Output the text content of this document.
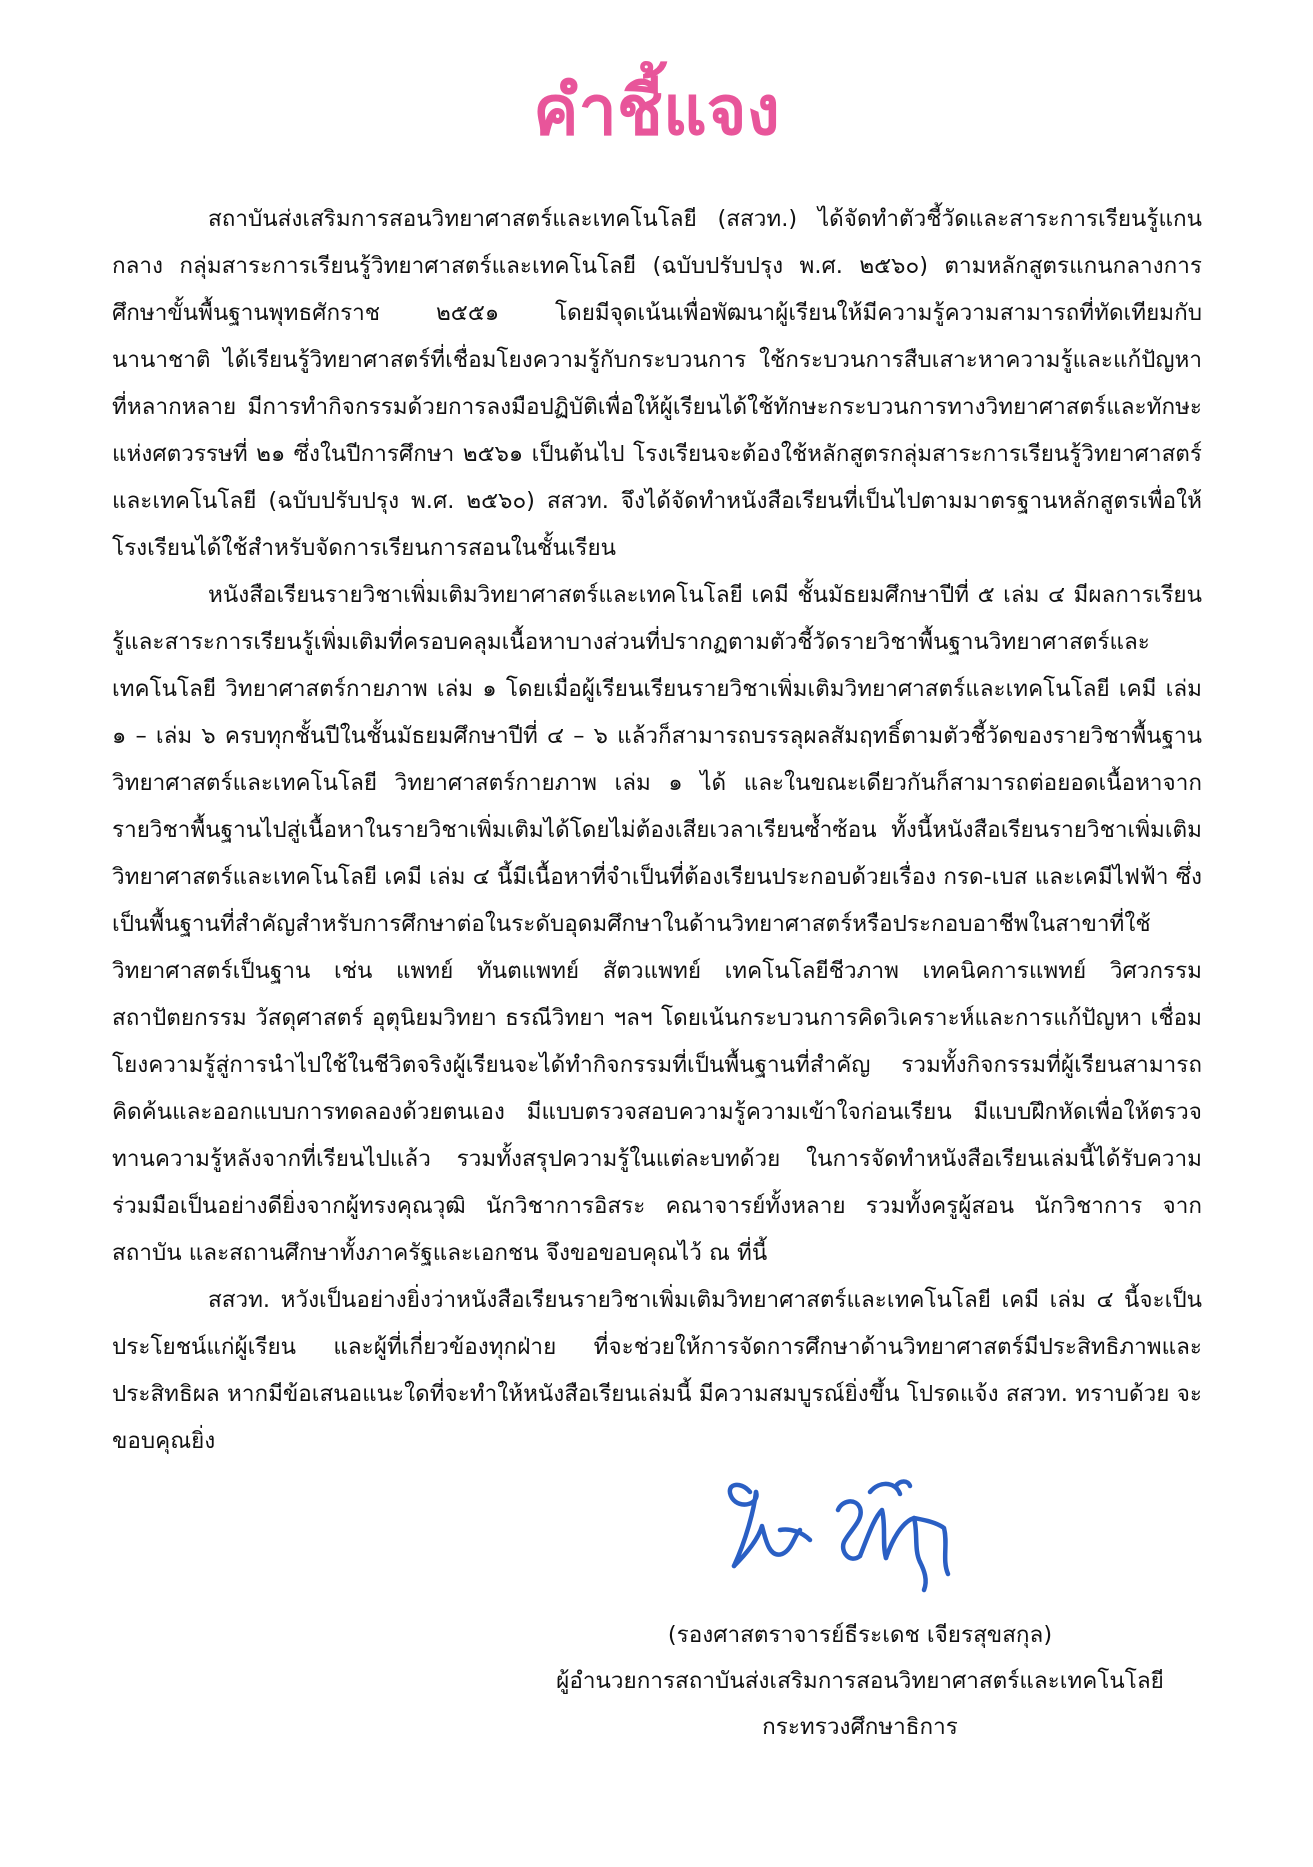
คำชี้แจง

สถาบันส่งเสริมการสอนวิทยาศาสตร์และเทคโนโลยี (สสวท.) ได้จัดทำตัวชี้วัดและสาระการเรียนรู้แกนกลาง กลุ่มสาระการเรียนรู้วิทยาศาสตร์และเทคโนโลยี (ฉบับปรับปรุง พ.ศ. ๒๕๖๐) ตามหลักสูตรแกนกลางการศึกษาขั้นพื้นฐานพุทธศักราช ๒๕๕๑ โดยมีจุดเน้นเพื่อพัฒนาผู้เรียนให้มีความรู้ความสามารถที่ทัดเทียมกับนานาชาติ ได้เรียนรู้วิทยาศาสตร์ที่เชื่อมโยงความรู้กับกระบวนการ ใช้กระบวนการสืบเสาะหาความรู้และแก้ปัญหาที่หลากหลาย มีการทำกิจกรรมด้วยการลงมือปฏิบัติเพื่อให้ผู้เรียนได้ใช้ทักษะกระบวนการทางวิทยาศาสตร์และทักษะแห่งศตวรรษที่ ๒๑ ซึ่งในปีการศึกษา ๒๕๖๑ เป็นต้นไป โรงเรียนจะต้องใช้หลักสูตรกลุ่มสาระการเรียนรู้วิทยาศาสตร์และเทคโนโลยี (ฉบับปรับปรุง พ.ศ. ๒๕๖๐) สสวท. จึงได้จัดทำหนังสือเรียนที่เป็นไปตามมาตรฐานหลักสูตรเพื่อให้โรงเรียนได้ใช้สำหรับจัดการเรียนการสอนในชั้นเรียน

หนังสือเรียนรายวิชาเพิ่มเติมวิทยาศาสตร์และเทคโนโลยี เคมี ชั้นมัธยมศึกษาปีที่ ๕ เล่ม ๔ มีผลการเรียนรู้และสาระการเรียนรู้เพิ่มเติมที่ครอบคลุมเนื้อหาบางส่วนที่ปรากฏตามตัวชี้วัดรายวิชาพื้นฐานวิทยาศาสตร์และเทคโนโลยี วิทยาศาสตร์กายภาพ เล่ม ๑ โดยเมื่อผู้เรียนเรียนรายวิชาเพิ่มเติมวิทยาศาสตร์และเทคโนโลยี เคมี เล่ม ๑ – เล่ม ๖ ครบทุกชั้นปีในชั้นมัธยมศึกษาปีที่ ๔ – ๖ แล้วก็สามารถบรรลุผลสัมฤทธิ์ตามตัวชี้วัดของรายวิชาพื้นฐานวิทยาศาสตร์และเทคโนโลยี วิทยาศาสตร์กายภาพ เล่ม ๑ ได้ และในขณะเดียวกันก็สามารถต่อยอดเนื้อหาจากรายวิชาพื้นฐานไปสู่เนื้อหาในรายวิชาเพิ่มเติมได้โดยไม่ต้องเสียเวลาเรียนซ้ำซ้อน ทั้งนี้หนังสือเรียนรายวิชาเพิ่มเติมวิทยาศาสตร์และเทคโนโลยี เคมี เล่ม ๔ นี้มีเนื้อหาที่จำเป็นที่ต้องเรียนประกอบด้วยเรื่อง กรด-เบส และเคมีไฟฟ้า ซึ่งเป็นพื้นฐานที่สำคัญสำหรับการศึกษาต่อในระดับอุดมศึกษาในด้านวิทยาศาสตร์หรือประกอบอาชีพในสาขาที่ใช้วิทยาศาสตร์เป็นฐาน เช่น แพทย์ ทันตแพทย์ สัตวแพทย์ เทคโนโลยีชีวภาพ เทคนิคการแพทย์ วิศวกรรม สถาปัตยกรรม วัสดุศาสตร์ อุตุนิยมวิทยา ธรณีวิทยา ฯลฯ โดยเน้นกระบวนการคิดวิเคราะห์และการแก้ปัญหา เชื่อมโยงความรู้สู่การนำไปใช้ในชีวิตจริงผู้เรียนจะได้ทำกิจกรรมที่เป็นพื้นฐานที่สำคัญ รวมทั้งกิจกรรมที่ผู้เรียนสามารถคิดค้นและออกแบบการทดลองด้วยตนเอง มีแบบตรวจสอบความรู้ความเข้าใจก่อนเรียน มีแบบฝึกหัดเพื่อให้ตรวจทานความรู้หลังจากที่เรียนไปแล้ว รวมทั้งสรุปความรู้ในแต่ละบทด้วย ในการจัดทำหนังสือเรียนเล่มนี้ได้รับความร่วมมือเป็นอย่างดียิ่งจากผู้ทรงคุณวุฒิ นักวิชาการอิสระ คณาจารย์ทั้งหลาย รวมทั้งครูผู้สอน นักวิชาการ จากสถาบัน และสถานศึกษาทั้งภาครัฐและเอกชน จึงขอขอบคุณไว้ ณ ที่นี้

สสวท. หวังเป็นอย่างยิ่งว่าหนังสือเรียนรายวิชาเพิ่มเติมวิทยาศาสตร์และเทคโนโลยี เคมี เล่ม ๔ นี้จะเป็นประโยชน์แก่ผู้เรียน และผู้ที่เกี่ยวข้องทุกฝ่าย ที่จะช่วยให้การจัดการศึกษาด้านวิทยาศาสตร์มีประสิทธิภาพและประสิทธิผล หากมีข้อเสนอแนะใดที่จะทำให้หนังสือเรียนเล่มนี้ มีความสมบูรณ์ยิ่งขึ้น โปรดแจ้ง สสวท. ทราบด้วย จะขอบคุณยิ่ง

(รองศาสตราจารย์ธีระเดช เจียรสุขสกุล)
ผู้อำนวยการสถาบันส่งเสริมการสอนวิทยาศาสตร์และเทคโนโลยี
กระทรวงศึกษาธิการ
